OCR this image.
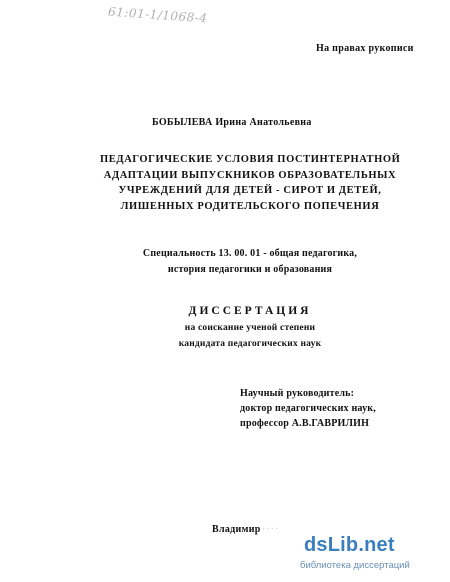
61:01-1/1068-4
На правах рукописи
БОБЫЛЕВА Ирина Анатольевна
ПЕДАГОГИЧЕСКИЕ УСЛОВИЯ ПОСТИНТЕРНАТНОЙ
АДАПТАЦИИ ВЫПУСКНИКОВ ОБРАЗОВАТЕЛЬНЫХ
УЧРЕЖДЕНИЙ ДЛЯ ДЕТЕЙ - СИРОТ И ДЕТЕЙ,
ЛИШЕННЫХ РОДИТЕЛЬСКОГО ПОПЕЧЕНИЯ
Специальность 13. 00. 01 - общая педагогика,
история педагогики и образования
ДИССЕРТАЦИЯ
на соискание ученой степени
кандидата педагогических наук
Научный руководитель:
доктор педагогических наук,
профессор А.В.ГАВРИЛИН
Владимир ····
dsLib.net
библиотека диссертаций
